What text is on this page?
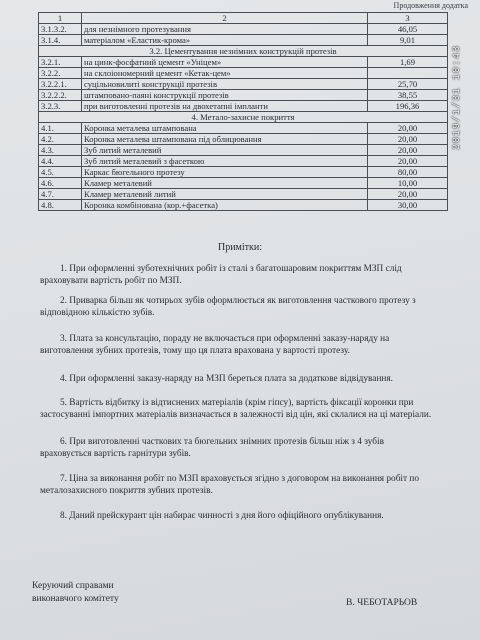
Продовження додатка
1	2	3
3.1.3.2.	для незнімного протезування	46,05
3.1.4.	матеріалом «Еластик-крома»	9,01
3.2. Цементування незнімних конструкцій протезів		
3.2.1.	на цинк-фосфатний цемент «Уніцем»	1,69
3.2.2.	на склоіономерний цемент «Кетак-цем»	
3.2.2.1.	суцільновилиті конструкції протезів	25,70
3.2.2.2.	штамповано-паяні конструкції протезів	38,55
3.2.3.	при виготовленні протезів на двохетапні імпланти	196,36
4. Метало-захисне покриття		
4.1.	Коронка металева штампована	20,00
4.2.	Коронка металева штампована під облицювання	20,00
4.3.	Зуб литий металевий	20,00
4.4.	Зуб литий металевий з фасеткою	20,00
4.5.	Каркас бюгельного протезу	80,00
4.6.	Кламер металевий	10,00
4.7.	Кламер металевий литий	20,00
4.8.	Коронка комбінована (кор.+фасетка)	30,00
Примітки:
1. При оформленні зуботехнічних робіт із сталі з багатошаровим покриттям МЗП слід
враховувати вартість робіт по МЗП.
2. Приварка більш як чотирьох зубів оформлюється як виготовлення часткового протезу з
відповідною кількістю зубів.
3. Плата за консультацію, пораду не включається при оформленні заказу-наряду на
виготовлення зубних протезів, тому що ця плата врахована у вартості протезу.
4. При оформленні заказу-наряду на МЗП береться плата за додаткове відвідування.
5. Вартість відбитку із відтиснених матеріалів (крім гіпсу), вартість фіксації коронки при
застосуванні імпортних матеріалів визначається в залежності від цін, які склалися на ці матеріали.
6. При виготовленні часткових та бюгельних знімних протезів більш ніж з 4 зубів
враховується вартість гарнітури зубів.
7. Ціна за виконання робіт по МЗП враховується згідно з договором на виконання робіт по
металозахисного покриття зубних протезів.
8. Даний прейскурант цін набирає чинності з дня його офіційного опублікування.
Керуючий справами
виконавчого комітету	В. ЧЕБОТАРЬОВ
2019/1/31 10:43
